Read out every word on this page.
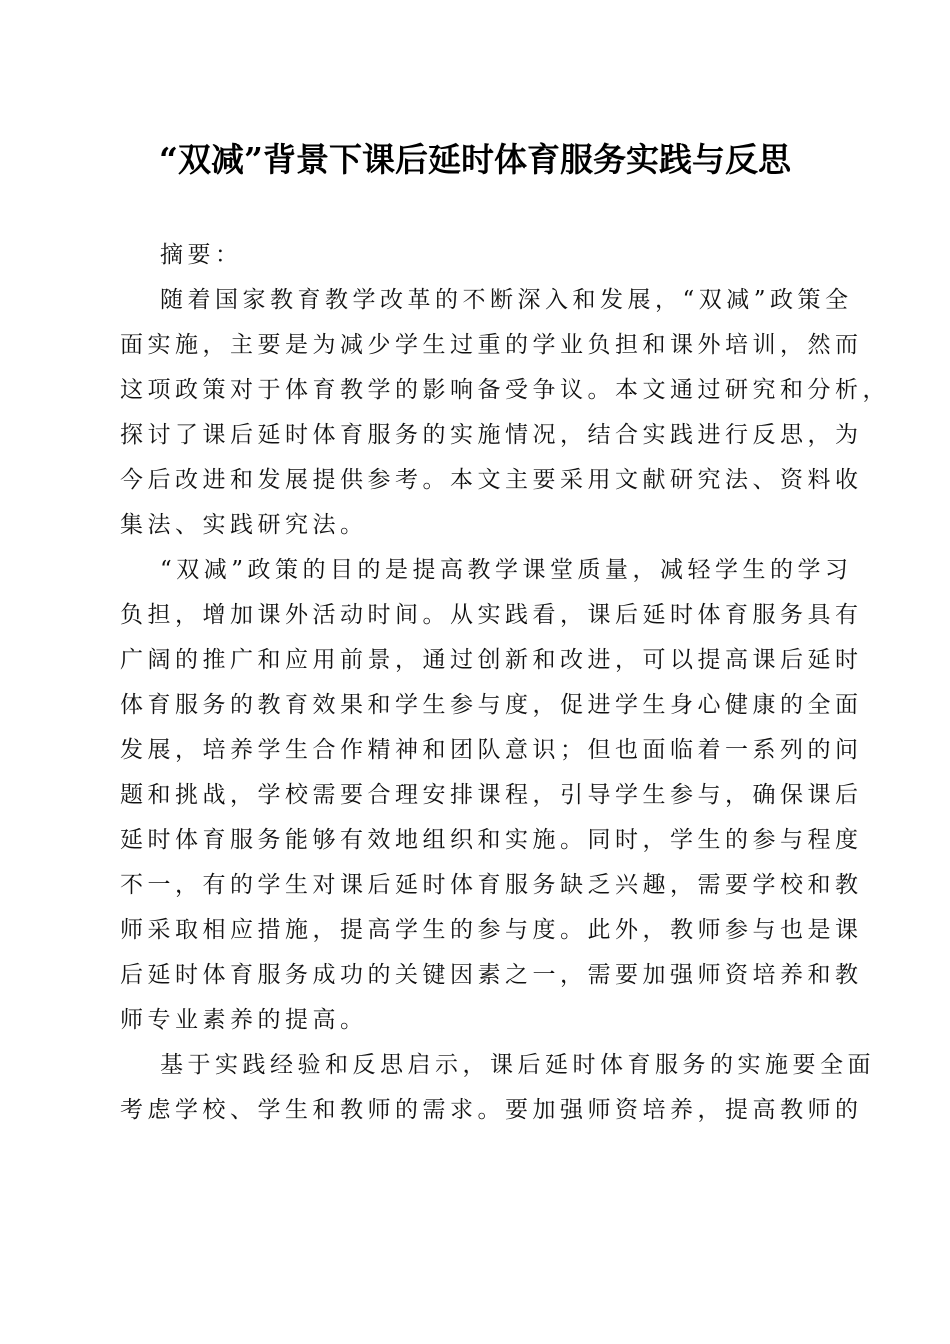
“双减”背景下课后延时体育服务实践与反思
摘要：
随着国家教育教学改革的不断深入和发展，“双减”政策全
面实施，主要是为减少学生过重的学业负担和课外培训，然而
这项政策对于体育教学的影响备受争议。本文通过研究和分析，
探讨了课后延时体育服务的实施情况，结合实践进行反思，为
今后改进和发展提供参考。本文主要采用文献研究法、资料收
集法、实践研究法。
“双减”政策的目的是提高教学课堂质量，减轻学生的学习
负担，增加课外活动时间。从实践看，课后延时体育服务具有
广阔的推广和应用前景，通过创新和改进，可以提高课后延时
体育服务的教育效果和学生参与度，促进学生身心健康的全面
发展，培养学生合作精神和团队意识；但也面临着一系列的问
题和挑战，学校需要合理安排课程，引导学生参与，确保课后
延时体育服务能够有效地组织和实施。同时，学生的参与程度
不一，有的学生对课后延时体育服务缺乏兴趣，需要学校和教
师采取相应措施，提高学生的参与度。此外，教师参与也是课
后延时体育服务成功的关键因素之一，需要加强师资培养和教
师专业素养的提高。
基于实践经验和反思启示，课后延时体育服务的实施要全面
考虑学校、学生和教师的需求。要加强师资培养，提高教师的
